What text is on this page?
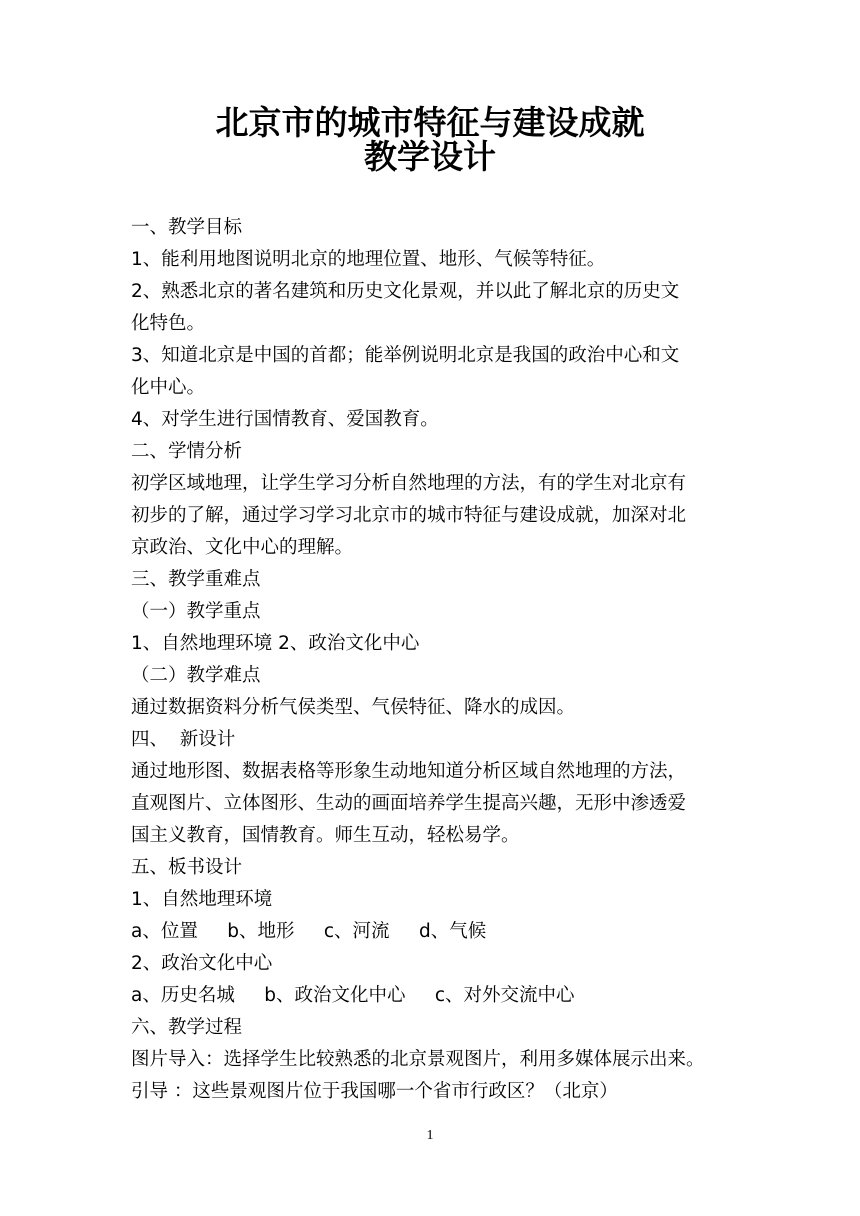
北京市的城市特征与建设成就
教学设计
一、教学目标
1、能利用地图说明北京的地理位置、地形、气候等特征。
2、熟悉北京的著名建筑和历史文化景观，并以此了解北京的历史文
化特色。
3、知道北京是中国的首都；能举例说明北京是我国的政治中心和文
化中心。
4、对学生进行国情教育、爱国教育。
二、学情分析
初学区域地理，让学生学习分析自然地理的方法，有的学生对北京有
初步的了解，通过学习学习北京市的城市特征与建设成就，加深对北
京政治、文化中心的理解。
三、教学重难点
（一）教学重点
1、自然地理环境 2、政治文化中心
（二）教学难点
通过数据资料分析气侯类型、气侯特征、降水的成因。
四、  新设计
通过地形图、数据表格等形象生动地知道分析区域自然地理的方法，
直观图片、立体图形、生动的画面培养学生提高兴趣，无形中渗透爱
国主义教育，国情教育。师生互动，轻松易学。
五、板书设计
1、自然地理环境
a、位置     b、地形     c、河流     d、气候
2、政治文化中心
a、历史名城     b、政治文化中心     c、对外交流中心
六、教学过程
图片导入：选择学生比较熟悉的北京景观图片，利用多媒体展示出来。
引导 ：这些景观图片位于我国哪一个省市行政区？（北京）
1
